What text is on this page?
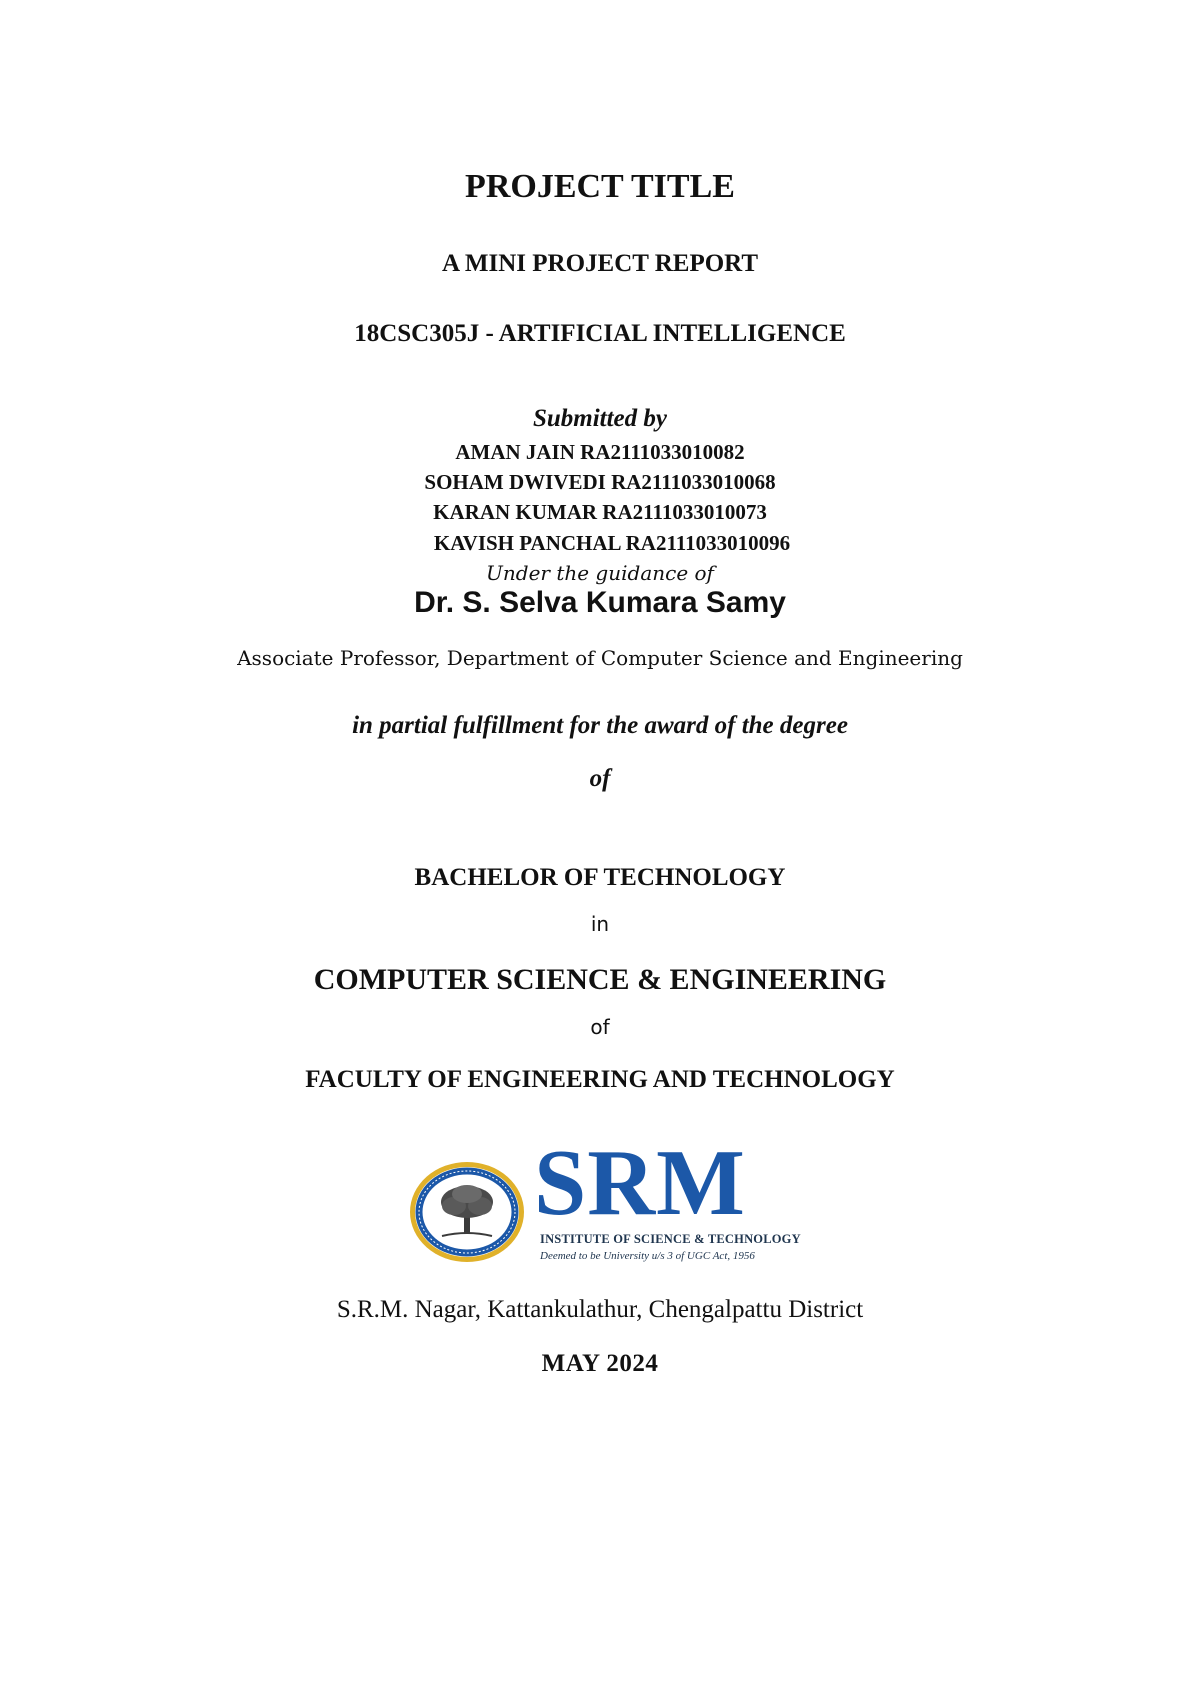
PROJECT TITLE
A MINI PROJECT REPORT
18CSC305J - ARTIFICIAL INTELLIGENCE
Submitted by
AMAN JAIN RA2111033010082
SOHAM DWIVEDI RA2111033010068
KARAN KUMAR RA2111033010073
KAVISH PANCHAL RA2111033010096
Under the guidance of
Dr. S. Selva Kumara Samy
Associate Professor, Department of Computer Science and Engineering
in partial fulfillment for the award of the degree
of
BACHELOR OF TECHNOLOGY
in
COMPUTER SCIENCE & ENGINEERING
of
FACULTY OF ENGINEERING AND TECHNOLOGY
SRM
INSTITUTE OF SCIENCE & TECHNOLOGY
Deemed to be University u/s 3 of UGC Act, 1956
S.R.M. Nagar, Kattankulathur, Chengalpattu District
MAY 2024
